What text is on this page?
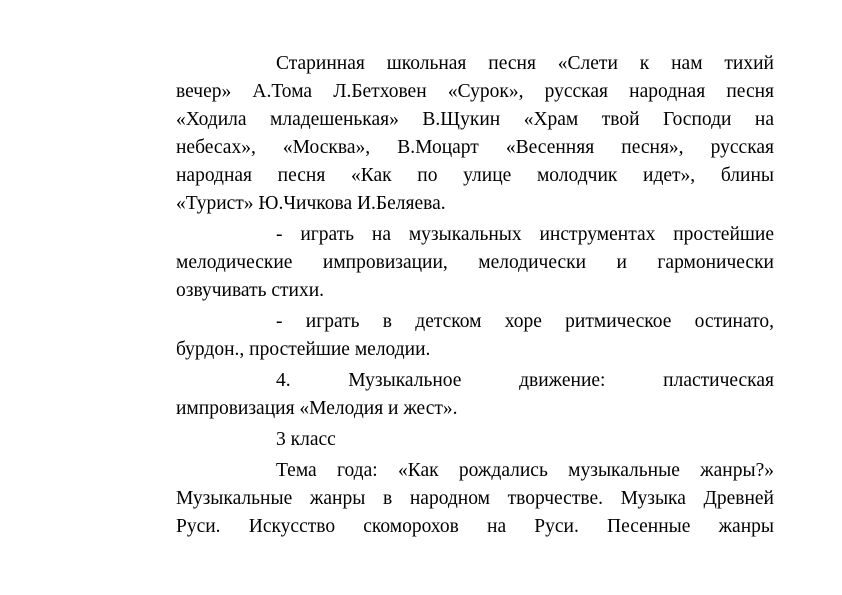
Старинная школьная песня «Слети к нам тихий
вечер» А.Тома Л.Бетховен «Сурок», русская народная песня
«Ходила младешенькая» В.Щукин «Храм твой Господи на
небесах», «Москва», В.Моцарт «Весенняя песня», русская
народная песня «Как по улице молодчик идет», блины
«Турист» Ю.Чичкова И.Беляева.
- играть на музыкальных инструментах простейшие
мелодические импровизации, мелодически и гармонически
озвучивать стихи.
- играть в детском хоре ритмическое остинато,
бурдон., простейшие мелодии.
4. Музыкальное движение: пластическая
импровизация «Мелодия и жест».
3 класс
Тема года: «Как рождались музыкальные жанры?»
Музыкальные жанры в народном творчестве. Музыка Древней
Руси. Искусство скоморохов на Руси. Песенные жанры
